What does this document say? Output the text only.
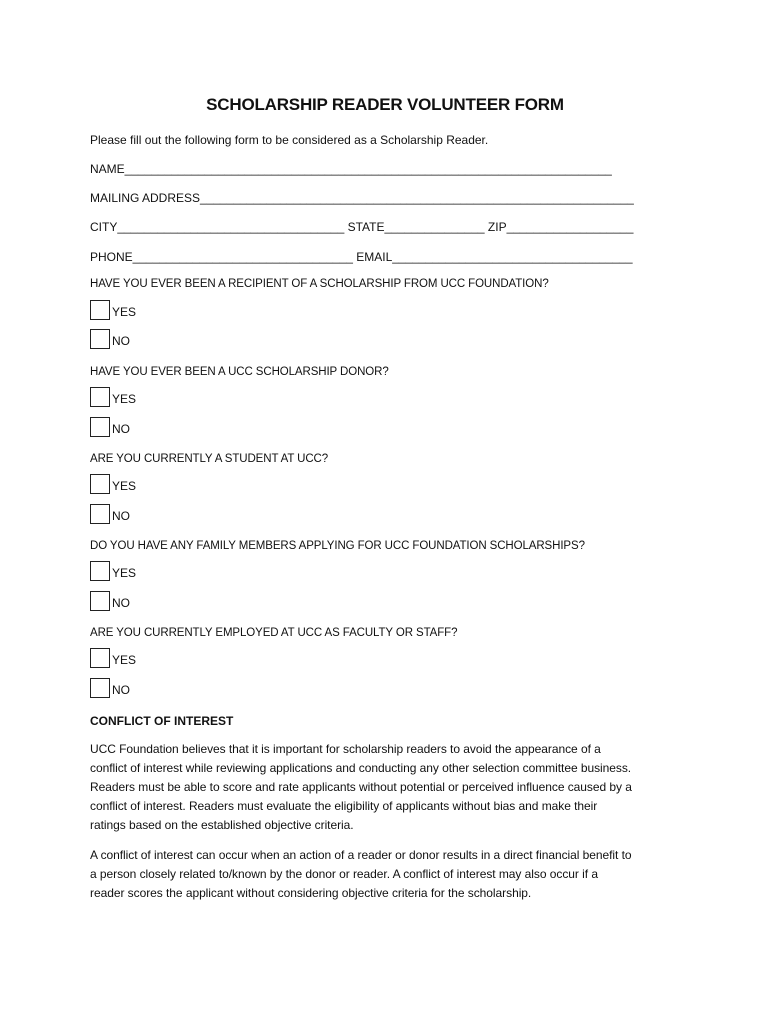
SCHOLARSHIP READER VOLUNTEER FORM
Please fill out the following form to be considered as a Scholarship Reader.
NAME_________________________________________________________________________
MAILING ADDRESS_________________________________________________________________
CITY__________________________________ STATE_______________ ZIP___________________
PHONE_________________________________ EMAIL____________________________________
HAVE YOU EVER BEEN A RECIPIENT OF A SCHOLARSHIP FROM UCC FOUNDATION?
YES
NO
HAVE YOU EVER BEEN A UCC SCHOLARSHIP DONOR?
YES
NO
ARE YOU CURRENTLY A STUDENT AT UCC?
YES
NO
DO YOU HAVE ANY FAMILY MEMBERS APPLYING FOR UCC FOUNDATION SCHOLARSHIPS?
YES
NO
ARE YOU CURRENTLY EMPLOYED AT UCC AS FACULTY OR STAFF?
YES
NO
CONFLICT OF INTEREST
UCC Foundation believes that it is important for scholarship readers to avoid the appearance of a
conflict of interest while reviewing applications and conducting any other selection committee business.
Readers must be able to score and rate applicants without potential or perceived influence caused by a
conflict of interest. Readers must evaluate the eligibility of applicants without bias and make their
ratings based on the established objective criteria.
A conflict of interest can occur when an action of a reader or donor results in a direct financial benefit to
a person closely related to/known by the donor or reader. A conflict of interest may also occur if a
reader scores the applicant without considering objective criteria for the scholarship.
